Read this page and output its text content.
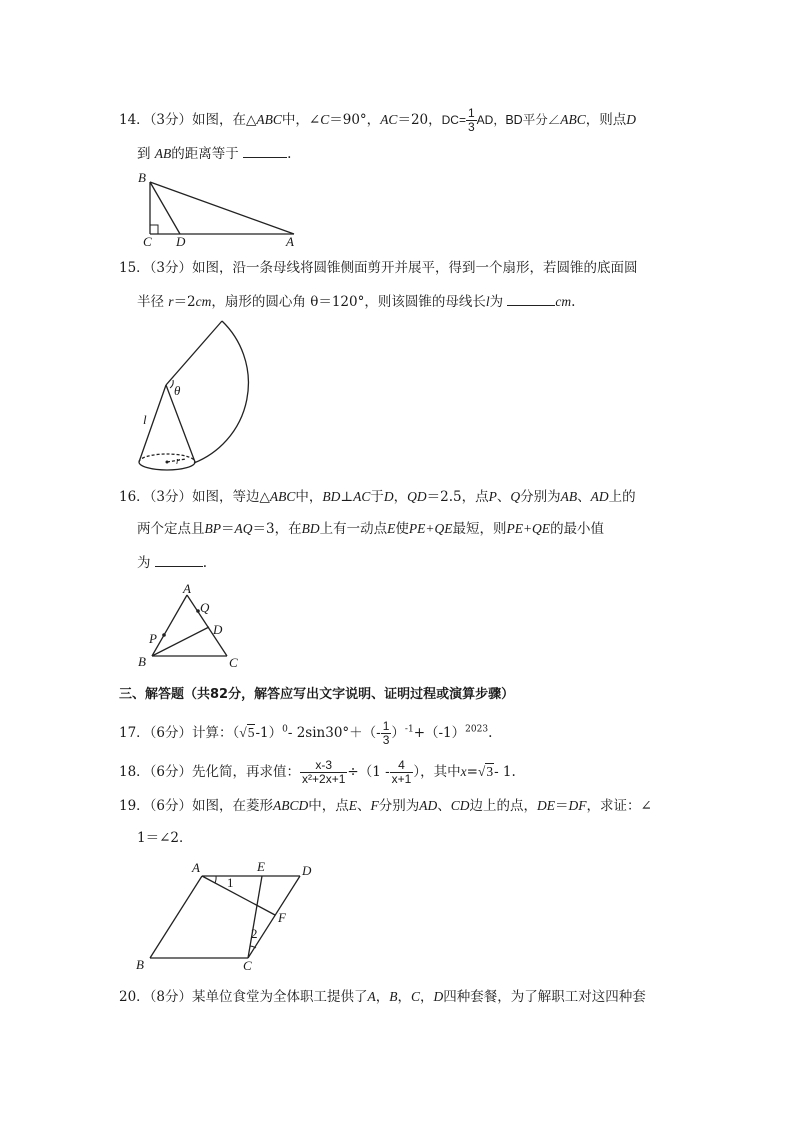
14．（3分）如图，在△ABC中，∠C＝90°，AC＝20，$DC= \frac{1}{3}$ AD，BD平分∠ABC，则点D
到 AB的距离等于	.
B
C D	A
15．（3分）如图，沿一条母线将圆锥侧面剪开并展平，得到一个扇形，若圆锥的底面圆
半径 r＝2cm，扇形的圆心角 θ＝120°，则该圆锥的母线长l为	cm.
θ
l
r
16．（3分）如图，等边△ABC中，BD⊥AC于D，QD＝2.5，点P、Q分别为AB、AD上的
两个定点且BP＝AQ＝3，在BD上有一动点E使PE+QE最短，则PE+QE的最小值
为	.
A
Q
D
P
B	C
三、解答题（共82分，解答应写出文字说明、证明过程或演算步骤）
17．（6分）计算：$(√5-1)^0-$ $2\sin 30^\circ+(- \frac{1}{3} )^{-1}+(-1)^{2023}$.
18．（6分）先化简，再求值： $\frac{x-3}{\text{x²+2x+1}} \div(1 - \frac{4}{x+1}$ ），其中x=√3- 1.
19．（6分）如图，在菱形ABCD中，点E、F分别为AD、CD边上的点，DE＝DF，求证：∠
1＝∠2．
A	E	D
F
B	C
1
2
20．（8分）某单位食堂为全体职工提供了A，B，C，D四种套餐，为了解职工对这四种套
